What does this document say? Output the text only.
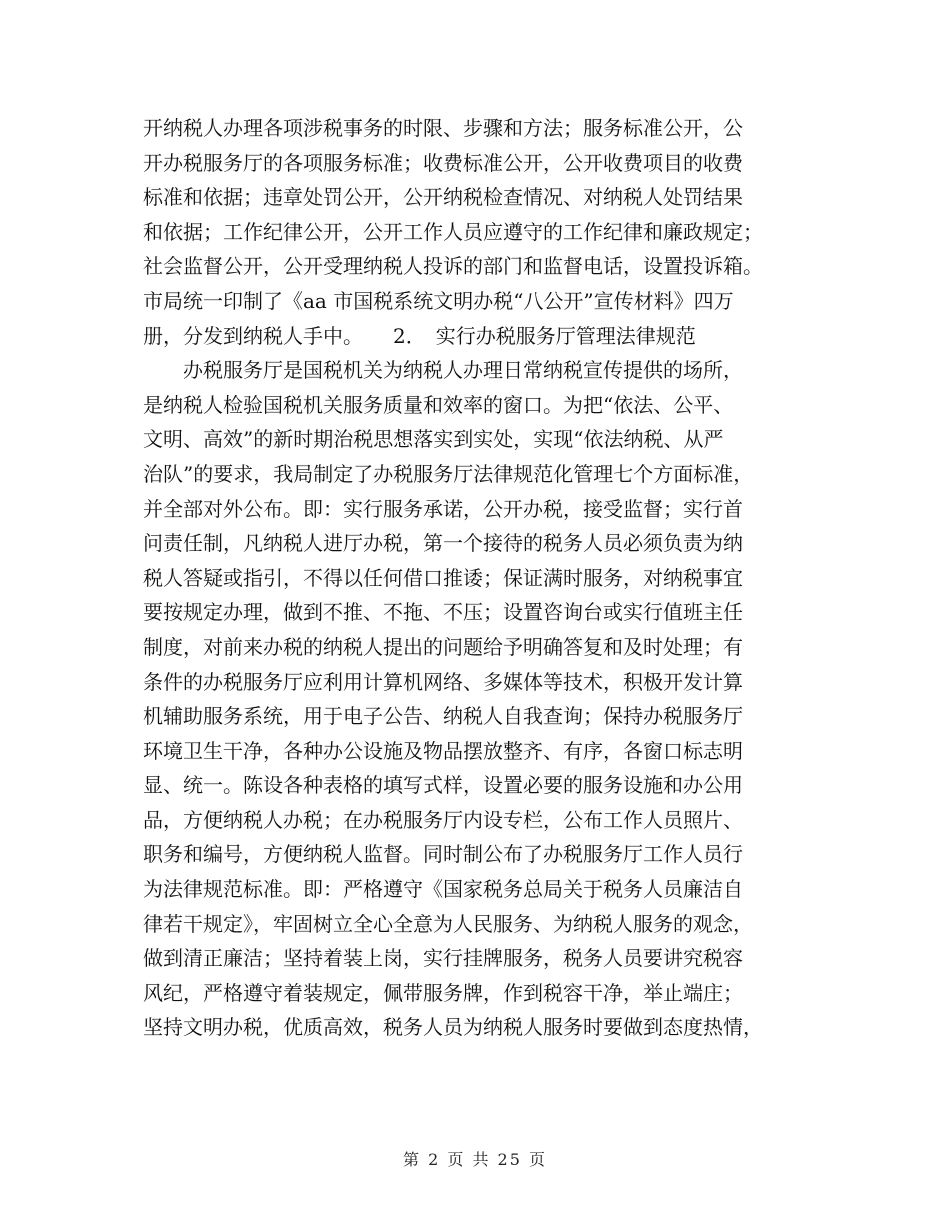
开纳税人办理各项涉税事务的时限、步骤和方法；服务标准公开，公
开办税服务厅的各项服务标准；收费标准公开，公开收费项目的收费
标准和依据；违章处罚公开，公开纳税检查情况、对纳税人处罚结果
和依据；工作纪律公开，公开工作人员应遵守的工作纪律和廉政规定；
社会监督公开，公开受理纳税人投诉的部门和监督电话，设置投诉箱。
市局统一印制了《aa 市国税系统文明办税“八公开”宣传材料》四万
册，分发到纳税人手中。　　2．　实行办税服务厅管理法律规范
　　办税服务厅是国税机关为纳税人办理日常纳税宣传提供的场所，
是纳税人检验国税机关服务质量和效率的窗口。为把“依法、公平、
文明、高效”的新时期治税思想落实到实处，实现“依法纳税、从严
治队”的要求，我局制定了办税服务厅法律规范化管理七个方面标准，
并全部对外公布。即：实行服务承诺，公开办税，接受监督；实行首
问责任制，凡纳税人进厅办税，第一个接待的税务人员必须负责为纳
税人答疑或指引，不得以任何借口推诿；保证满时服务，对纳税事宜
要按规定办理，做到不推、不拖、不压；设置咨询台或实行值班主任
制度，对前来办税的纳税人提出的问题给予明确答复和及时处理；有
条件的办税服务厅应利用计算机网络、多媒体等技术，积极开发计算
机辅助服务系统，用于电子公告、纳税人自我查询；保持办税服务厅
环境卫生干净，各种办公设施及物品摆放整齐、有序，各窗口标志明
显、统一。陈设各种表格的填写式样，设置必要的服务设施和办公用
品，方便纳税人办税；在办税服务厅内设专栏，公布工作人员照片、
职务和编号，方便纳税人监督。同时制公布了办税服务厅工作人员行
为法律规范标准。即：严格遵守《国家税务总局关于税务人员廉洁自
律若干规定》，牢固树立全心全意为人民服务、为纳税人服务的观念，
做到清正廉洁；坚持着装上岗，实行挂牌服务，税务人员要讲究税容
风纪，严格遵守着装规定，佩带服务牌，作到税容干净，举止端庄；
坚持文明办税，优质高效，税务人员为纳税人服务时要做到态度热情，
第 2 页 共 25 页
